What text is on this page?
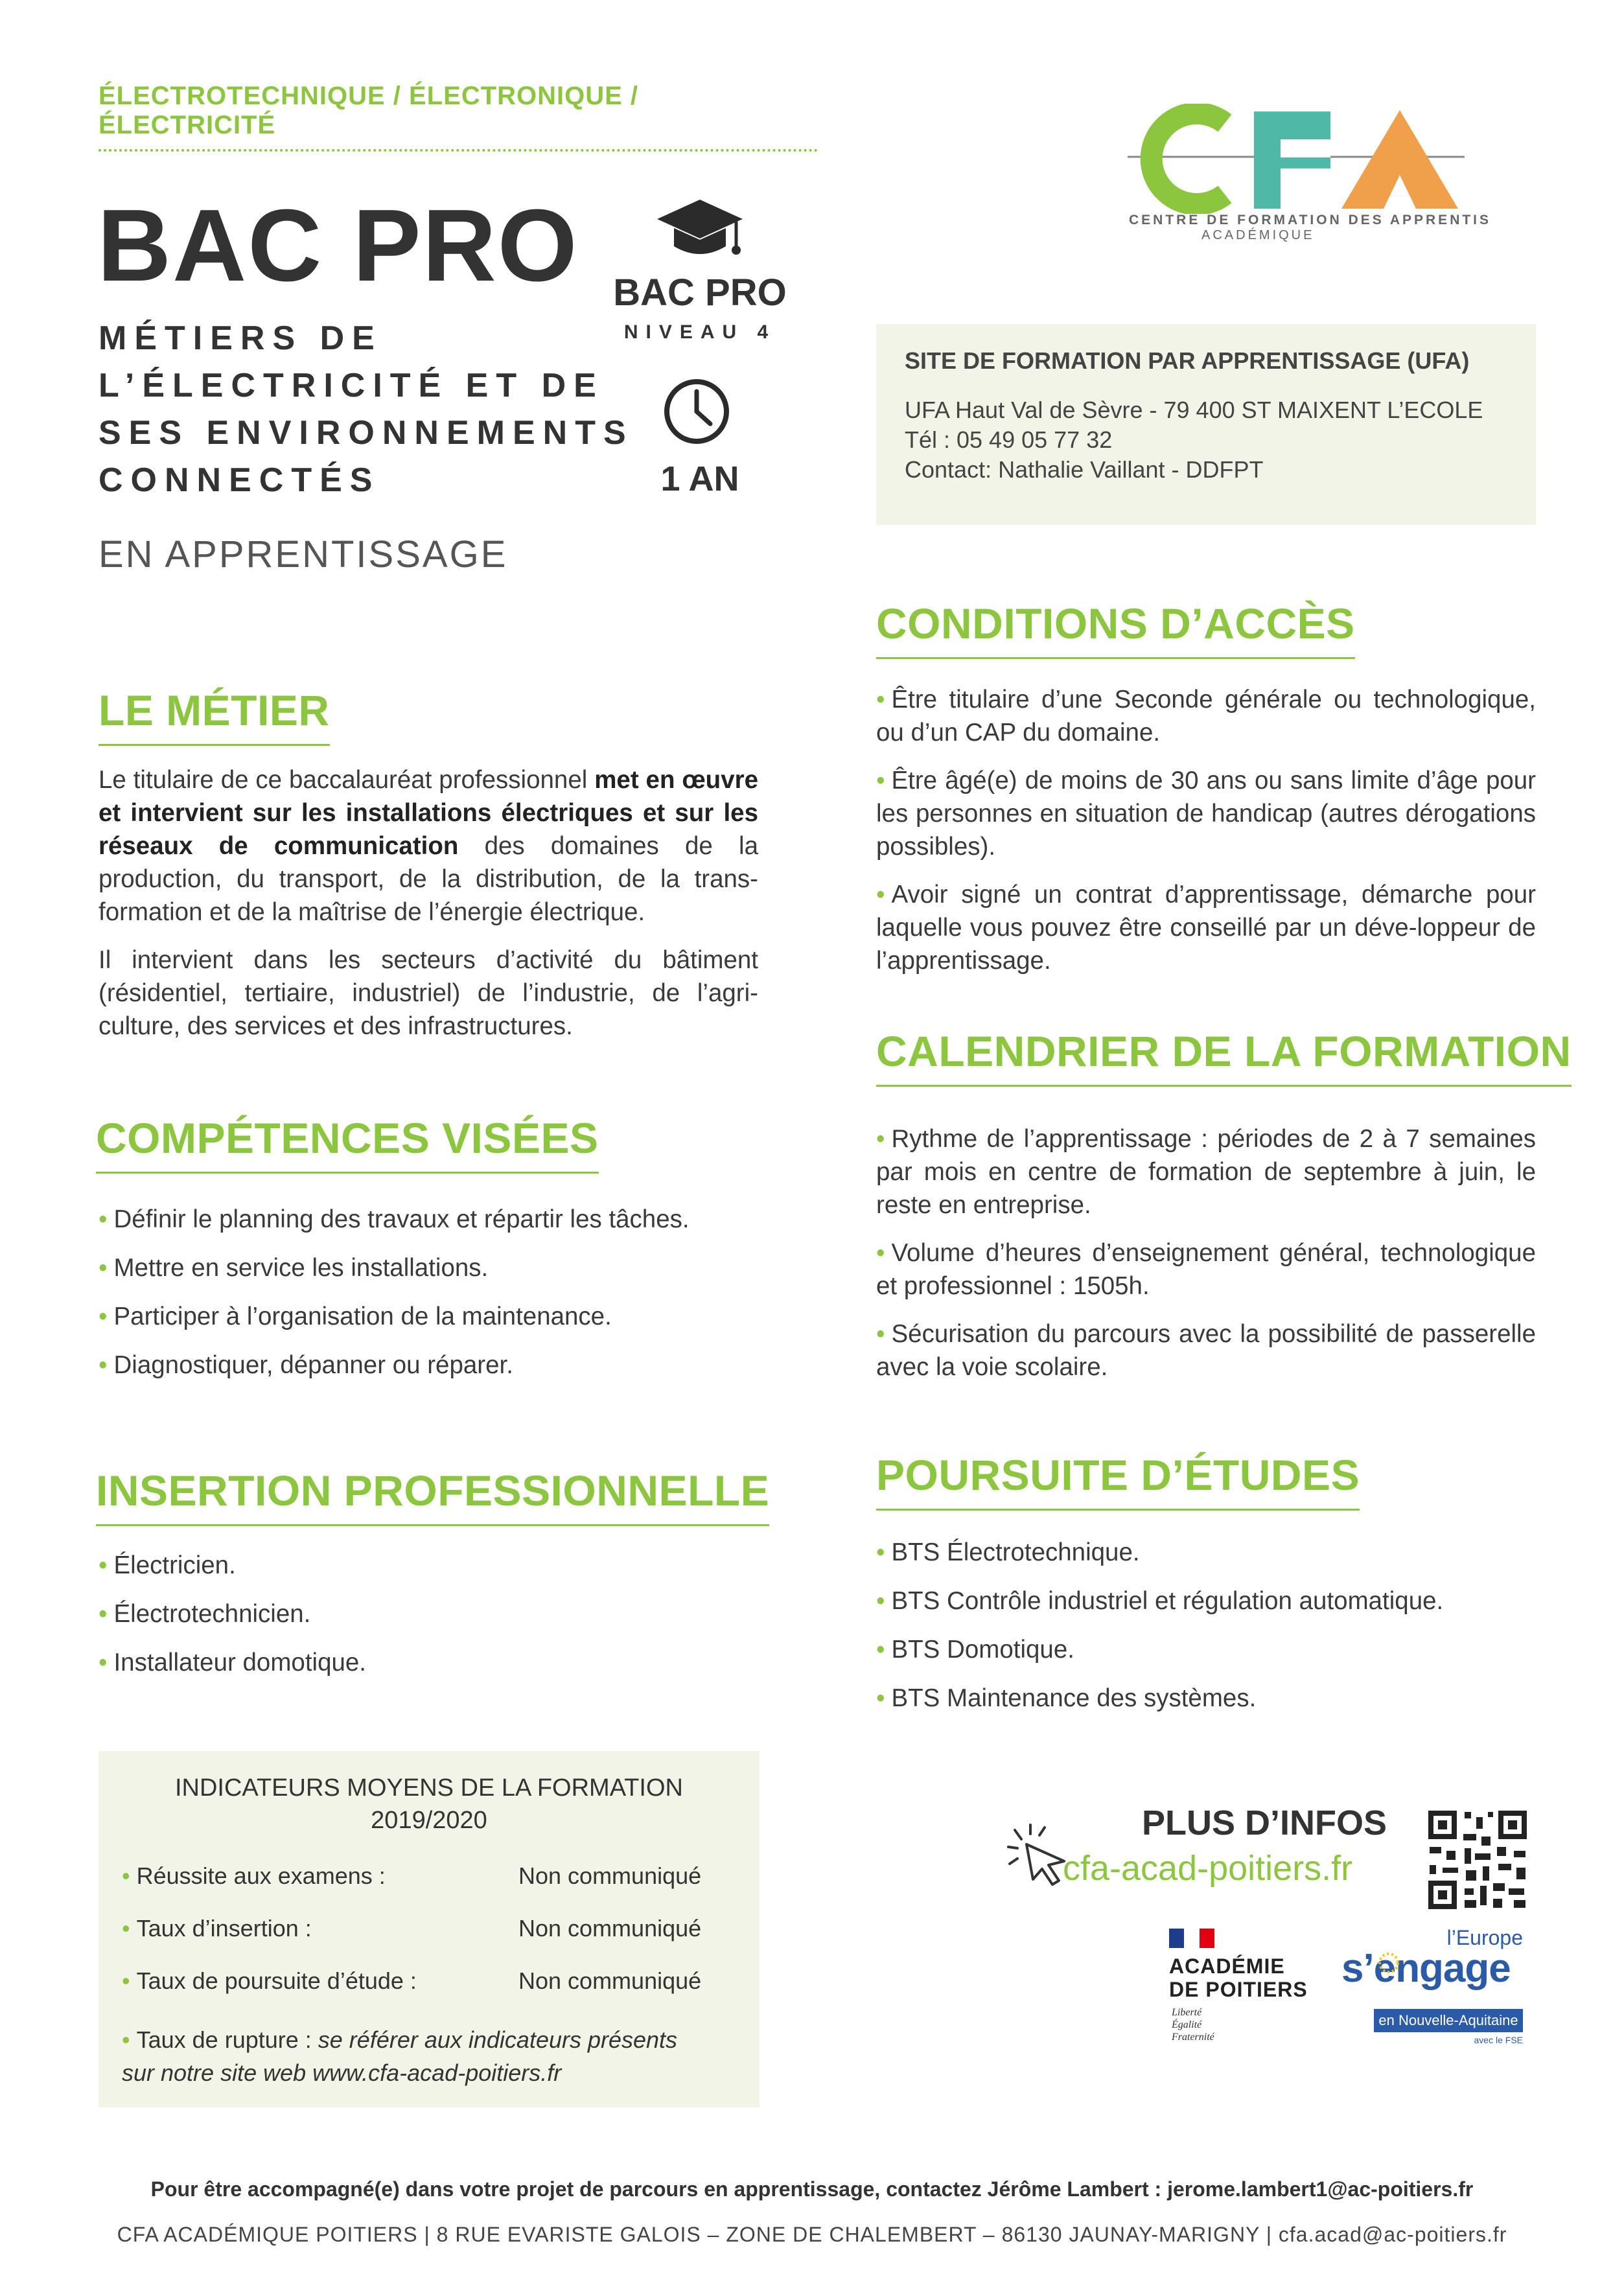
ÉLECTROTECHNIQUE / ÉLECTRONIQUE / ÉLECTRICITÉ
BAC PRO
MÉTIERS DE
L’ÉLECTRICITÉ ET DE
SES ENVIRONNEMENTS
CONNECTÉS
EN APPRENTISSAGE
BAC PRO
NIVEAU 4
1 AN
CENTRE DE FORMATION DES APPRENTIS
ACADÉMIQUE
SITE DE FORMATION PAR APPRENTISSAGE (UFA)
UFA Haut Val de Sèvre - 79 400 ST MAIXENT L’ECOLE
Tél : 05 49 05 77 32
Contact: Nathalie Vaillant - DDFPT
LE MÉTIER

Le titulaire de ce baccalauréat professionnel met en œuvre et intervient sur les installations électriques et sur les réseaux de communication des domaines de la production, du transport, de la distribution, de la trans-formation et de la maîtrise de l’énergie électrique.

Il intervient dans les secteurs d’activité du bâtiment (résidentiel, tertiaire, industriel) de l’industrie, de l’agri-culture, des services et des infrastructures.

COMPÉTENCES VISÉES
• Définir le planning des travaux et répartir les tâches.
• Mettre en service les installations.
• Participer à l’organisation de la maintenance.
• Diagnostiquer, dépanner ou réparer.
INSERTION PROFESSIONNELLE
• Électricien.
• Électrotechnicien.
• Installateur domotique.
CONDITIONS D’ACCÈS

• Être titulaire d’une Seconde générale ou technologique, ou d’un CAP du domaine.

• Être âgé(e) de moins de 30 ans ou sans limite d’âge pour les personnes en situation de handicap (autres dérogations possibles).

• Avoir signé un contrat d’apprentissage, démarche pour laquelle vous pouvez être conseillé par un déve-loppeur de l’apprentissage.

CALENDRIER DE LA FORMATION

• Rythme de l’apprentissage : périodes de 2 à 7 semaines par mois en centre de formation de septembre à juin, le reste en entreprise.

• Volume d’heures d’enseignement général, technologique et professionnel : 1505h.

• Sécurisation du parcours avec la possibilité de passerelle avec la voie scolaire.

POURSUITE D’ÉTUDES
• BTS Électrotechnique.
• BTS Contrôle industriel et régulation automatique.
• BTS Domotique.
• BTS Maintenance des systèmes.
INDICATEURS MOYENS DE LA FORMATION
2019/2020
• Réussite aux examens :	Non communiqué
• Taux d’insertion :	Non communiqué
• Taux de poursuite d’étude :	Non communiqué
• Taux de rupture : se référer aux indicateurs présents
sur notre site web www.cfa-acad-poitiers.fr
PLUS D’INFOS
cfa-acad-poitiers.fr
ACADÉMIE
DE POITIERS
Liberté
Égalité
Fraternité
l’Europe
s’engage
en Nouvelle-Aquitaine
avec le FSE
Pour être accompagné(e) dans votre projet de parcours en apprentissage, contactez Jérôme Lambert : jerome.lambert1@ac-poitiers.fr
CFA ACADÉMIQUE POITIERS | 8 RUE EVARISTE GALOIS – ZONE DE CHALEMBERT – 86130 JAUNAY-MARIGNY | cfa.acad@ac-poitiers.fr
